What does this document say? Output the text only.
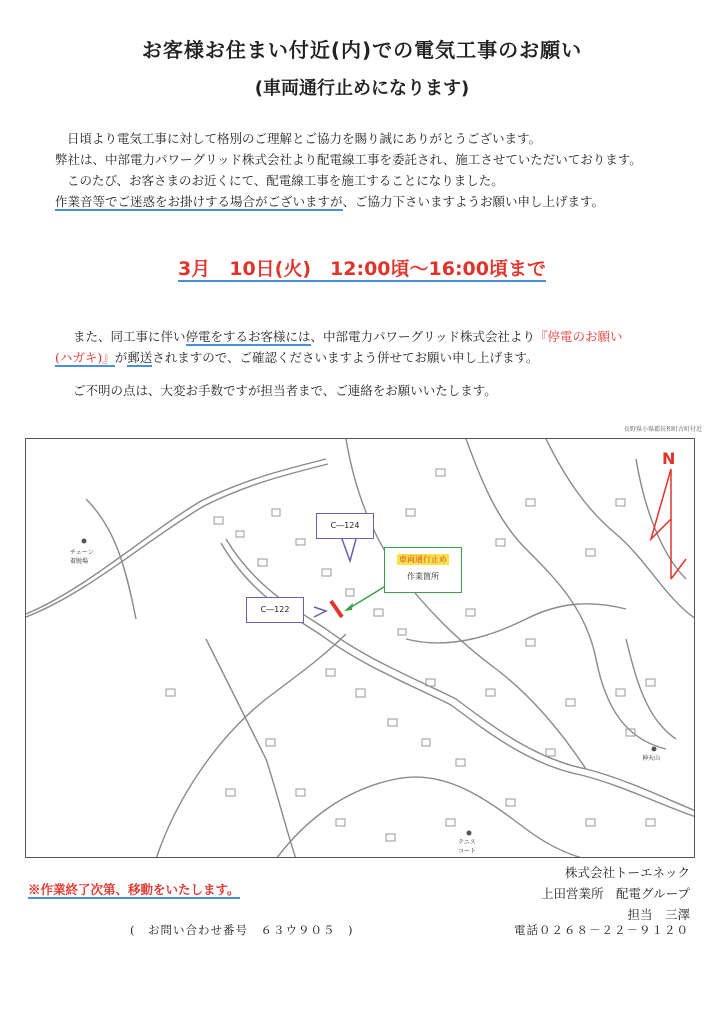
お客様お住まい付近(内)での電気工事のお願い
(車両通行止めになります)

日頃より電気工事に対して格別のご理解とご協力を賜り誠にありがとうございます。

弊社は、中部電力パワーグリッド株式会社より配電線工事を委託され、施工させていただいております。

このたび、お客さまのお近くにて、配電線工事を施工することになりました。

作業音等でご迷惑をお掛けする場合がございますが、ご協力下さいますようお願い申し上げます。

3月　10日(火)　12:00頃〜16:00頃まで

また、同工事に伴い停電をするお客様には、中部電力パワーグリッド株式会社より『停電のお願い

(ハガキ)』が郵送されますので、ご確認くださいますよう併せてお願い申し上げます。

ご不明の点は、大変お手数ですが担当者まで、ご連絡をお願いいたします。

長野県小県郡長和町古町付近
N
C―124
C―122
車両通行止め
作業箇所
チェーン
着脱場
神天山
テニス
コート
※作業終了次第、移動をいたします。
株式会社トーエネック
上田営業所　配電グループ
担当　三澤
(　お問い合わせ番号　６３ウ９０５　)	電話０２６８－２２－９１２０
